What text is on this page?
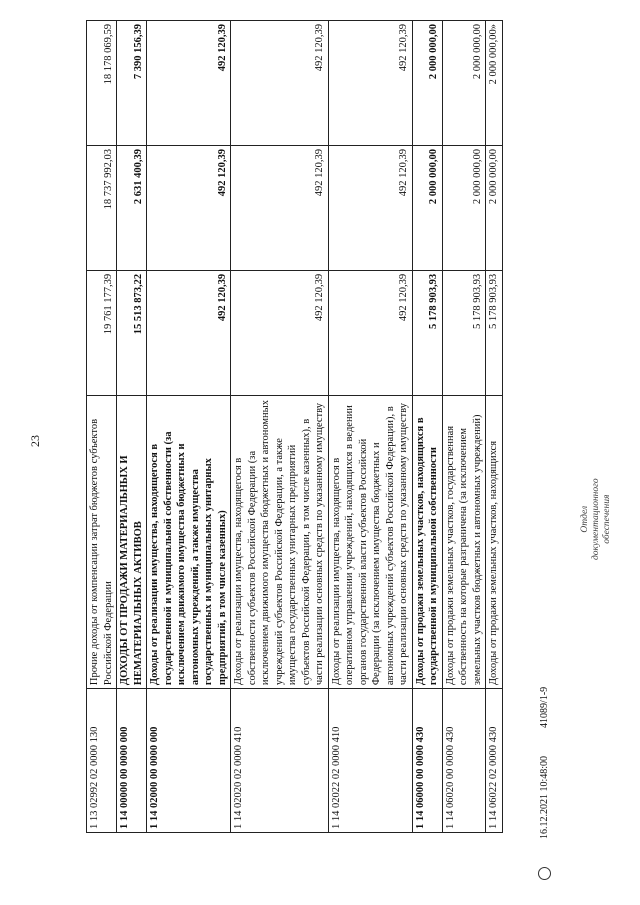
23
1 13 02992 02 0000 130	Прочие доходы от компенсации затрат бюджетов субъектов Российской Федерации	19 761 177,39	18 737 992,03	18 178 069,59
1 14 00000 00 0000 000	ДОХОДЫ ОТ ПРОДАЖИ МАТЕРИАЛЬНЫХ И НЕМАТЕРИАЛЬНЫХ АКТИВОВ	15 513 873,22	2 631 400,39	7 390 156,39
1 14 02000 00 0000 000	Доходы от реализации имущества, находящегося в государственной и муниципальной собственности (за исключением движимого имущества бюджетных и автономных учреждений, а также имущества государственных и муниципальных унитарных предприятий, в том числе казенных)	492 120,39	492 120,39	492 120,39
1 14 02020 02 0000 410	Доходы от реализации имущества, находящегося в собственности субъектов Российской Федерации (за исключением движимого имущества бюджетных и автономных учреждений субъектов Российской Федерации, а также имущества государственных унитарных предприятий субъектов Российской Федерации, в том числе казенных), в части реализации основных средств по указанному имуществу	492 120,39	492 120,39	492 120,39
1 14 02022 02 0000 410	Доходы от реализации имущества, находящегося в оперативном управлении учреждений, находящихся в ведении органов государственной власти субъектов Российской Федерации (за исключением имущества бюджетных и автономных учреждений субъектов Российской Федерации), в части реализации основных средств по указанному имуществу	492 120,39	492 120,39	492 120,39
1 14 06000 00 0000 430	Доходы от продажи земельных участков, находящихся в государственной и муниципальной собственности	5 178 903,93	2 000 000,00	2 000 000,00
1 14 06020 00 0000 430	Доходы от продажи земельных участков, государственная собственность на которые разграничена (за исключением земельных участков бюджетных и автономных учреждений)	5 178 903,93	2 000 000,00	2 000 000,00
1 14 06022 02 0000 430	Доходы от продажи земельных участков, находящихся	5 178 903,93	2 000 000,00	2 000 000,00»
Отдел документационного обеспечения
16.12.2021 10:48:00
41089/1-9
